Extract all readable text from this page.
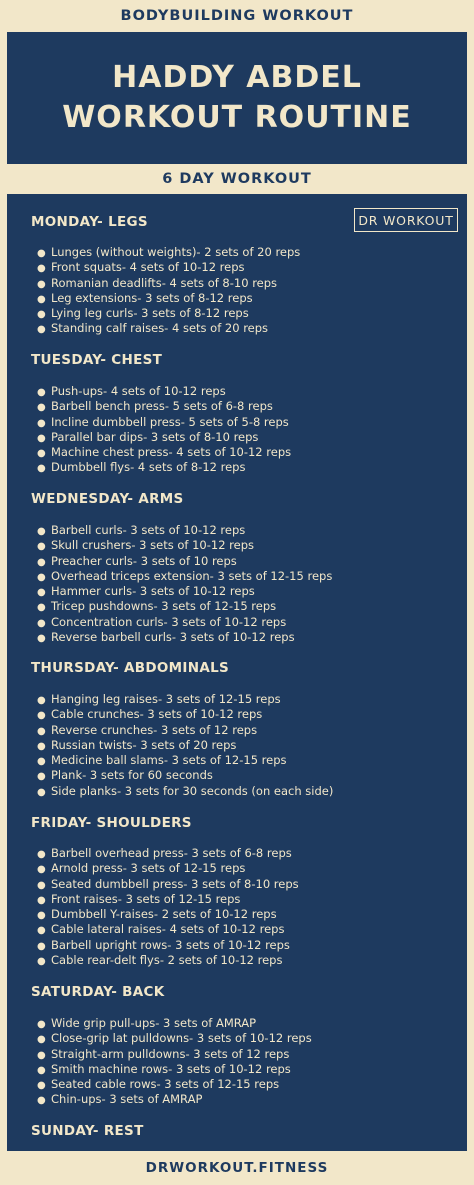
BODYBUILDING WORKOUT
HADDY ABDEL
WORKOUT ROUTINE
6 DAY WORKOUT
DR WORKOUT
MONDAY- LEGS
● Lunges (without weights)- 2 sets of 20 reps
● Front squats- 4 sets of 10-12 reps
● Romanian deadlifts- 4 sets of 8-10 reps
● Leg extensions- 3 sets of 8-12 reps
● Lying leg curls- 3 sets of 8-12 reps
● Standing calf raises- 4 sets of 20 reps
TUESDAY- CHEST
● Push-ups- 4 sets of 10-12 reps
● Barbell bench press- 5 sets of 6-8 reps
● Incline dumbbell press- 5 sets of 5-8 reps
● Parallel bar dips- 3 sets of 8-10 reps
● Machine chest press- 4 sets of 10-12 reps
● Dumbbell flys- 4 sets of 8-12 reps
WEDNESDAY- ARMS
● Barbell curls- 3 sets of 10-12 reps
● Skull crushers- 3 sets of 10-12 reps
● Preacher curls- 3 sets of 10 reps
● Overhead triceps extension- 3 sets of 12-15 reps
● Hammer curls- 3 sets of 10-12 reps
● Tricep pushdowns- 3 sets of 12-15 reps
● Concentration curls- 3 sets of 10-12 reps
● Reverse barbell curls- 3 sets of 10-12 reps
THURSDAY- ABDOMINALS
● Hanging leg raises- 3 sets of 12-15 reps
● Cable crunches- 3 sets of 10-12 reps
● Reverse crunches- 3 sets of 12 reps
● Russian twists- 3 sets of 20 reps
● Medicine ball slams- 3 sets of 12-15 reps
● Plank- 3 sets for 60 seconds
● Side planks- 3 sets for 30 seconds (on each side)
FRIDAY- SHOULDERS
● Barbell overhead press- 3 sets of 6-8 reps
● Arnold press- 3 sets of 12-15 reps
● Seated dumbbell press- 3 sets of 8-10 reps
● Front raises- 3 sets of 12-15 reps
● Dumbbell Y-raises- 2 sets of 10-12 reps
● Cable lateral raises- 4 sets of 10-12 reps
● Barbell upright rows- 3 sets of 10-12 reps
● Cable rear-delt flys- 2 sets of 10-12 reps
SATURDAY- BACK
● Wide grip pull-ups- 3 sets of AMRAP
● Close-grip lat pulldowns- 3 sets of 10-12 reps
● Straight-arm pulldowns- 3 sets of 12 reps
● Smith machine rows- 3 sets of 10-12 reps
● Seated cable rows- 3 sets of 12-15 reps
● Chin-ups- 3 sets of AMRAP
SUNDAY- REST
DRWORKOUT.FITNESS
